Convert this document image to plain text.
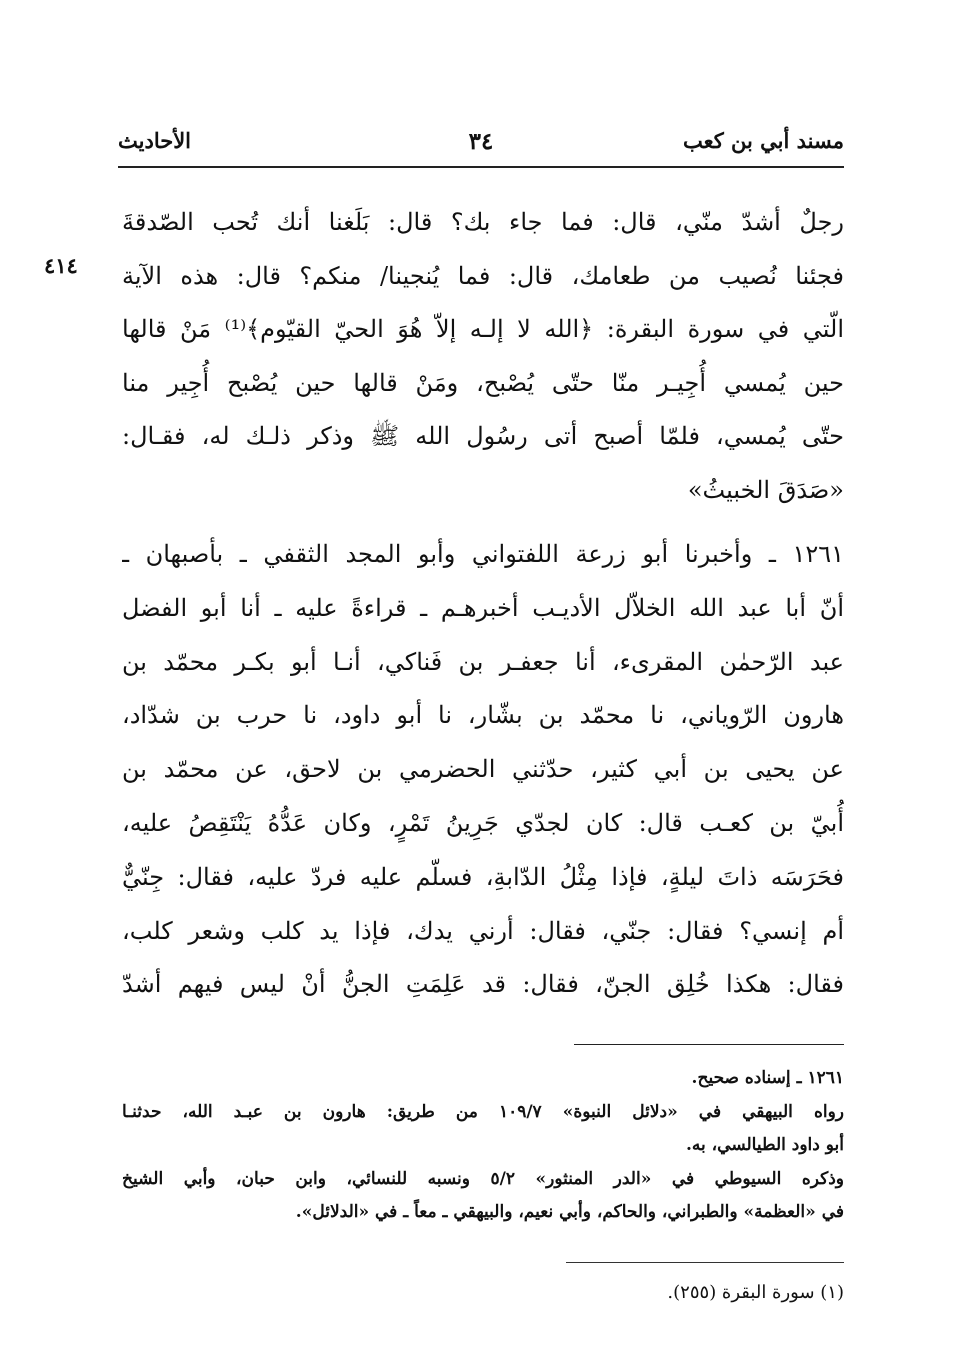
مسند أبي بن كعب
٣٤
الأحاديث
٤١٤
رجلٌ أشدّ منّي، قال: فما جاء بك؟ قال: بَلَغنا أنك تُحب الصّدقةَ
فجئنا نُصيب من طعامك، قال: فما يُنجينا/ منكم؟ قال: هذه الآية
الّتي في سورة البقرة: ﴿الله لا إلـه إلاّ هُوَ الحيّ القيّوم﴾⁽¹⁾ مَنْ قالها
حين يُمسي أُجِيـر منّا حتّى يُصْبح، ومَنْ قالها حين يُصْبح أُجِير منا
حتّى يُمسي، فلمّا أصبح أتى رسُول الله ﷺ وذكر ذلـك له، فقـال:
«صَدَقَ الخبيثُ»
١٢٦١ ـ وأخبرنا أبو زرعة اللفتواني وأبو المجد الثقفي ـ بأصبهان ـ
أنّ أبا عبد الله الخلاّل الأديـب أخبرهـم ـ قراءةً عليه ـ أنا أبو الفضل
عبد الرّحمٰن المقرىء، أنا جعفـر بن فَناكي، أنـا أبو بكـر محمّد بن
هارون الرّوياني، نا محمّد بن بشّار، نا أبو داود، نا حرب بن شدّاد،
عن يحيى بن أبي كثير، حدّثني الحضرمي بن لاحق، عن محمّد بن
أُبيّ بن كعـب قال: كان لجدّي جَرِينُ تَمْرٍ، وكان عَدُّهُ يَنْتَقِصُ عليه،
فحَرَسَه ذاتَ ليلةٍ، فإذا مِثْلُ الدّابةِ، فسلّم عليه فردّ عليه، فقال: جِنّيٌّ
أم إنسي؟ فقال: جنّي، فقال: أرني يدك، فإذا يد كلب وشعر كلب،
فقال: هكذا خُلِق الجنّ، فقال: قد عَلِمَتِ الجنُّ أنْ ليس فيهم أشدّ
١٢٦١ ـ إسناده صحيح.
رواه البيهقي في «دلائل النبوة» ١٠٩/٧ من طريق: هارون بن عبـد الله، حدثنـا
أبو داود الطيالسي، به.
وذكره السيوطي في «الدر المنثور» ٥/٢ ونسبه للنسائي، وابن حبان، وأبي الشيخ
في «العظمة» والطبراني، والحاكم، وأبي نعيم، والبيهقي ـ معاً ـ في «الدلائل».
(١) سورة البقرة (٢٥٥).
